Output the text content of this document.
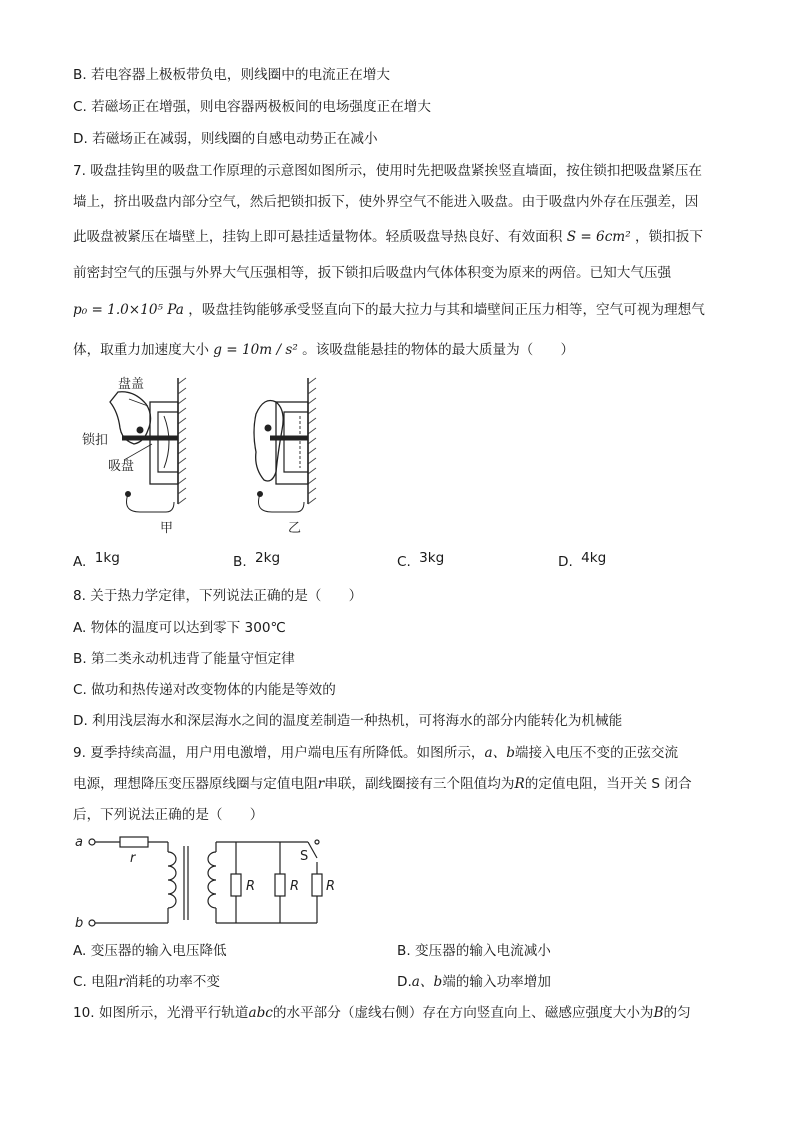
B. 若电容器上极板带负电，则线圈中的电流正在增大
C. 若磁场正在增强，则电容器两极板间的电场强度正在增大
D. 若磁场正在减弱，则线圈的自感电动势正在减小
7. 吸盘挂钩里的吸盘工作原理的示意图如图所示，使用时先把吸盘紧挨竖直墙面，按住锁扣把吸盘紧压在
墙上，挤出吸盘内部分空气，然后把锁扣扳下，使外界空气不能进入吸盘。由于吸盘内外存在压强差，因
此吸盘被紧压在墙壁上，挂钩上即可悬挂适量物体。轻质吸盘导热良好、有效面积 S = 6cm² ，锁扣扳下
前密封空气的压强与外界大气压强相等，扳下锁扣后吸盘内气体体积变为原来的两倍。已知大气压强
p₀ = 1.0×10⁵ Pa ，吸盘挂钩能够承受竖直向下的最大拉力与其和墙壁间正压力相等，空气可视为理想气
体，取重力加速度大小 g = 10m / s² 。该吸盘能悬挂的物体的最大质量为（　　）
盘盖
锁扣
吸盘
甲	乙
A. 1kg	B. 2kg	C. 3kg	D. 4kg
8. 关于热力学定律，下列说法正确的是（　　）
A. 物体的温度可以达到零下 300℃
B. 第二类永动机违背了能量守恒定律
C. 做功和热传递对改变物体的内能是等效的
D. 利用浅层海水和深层海水之间的温度差制造一种热机，可将海水的部分内能转化为机械能
9. 夏季持续高温，用户用电激增，用户端电压有所降低。如图所示，a、b端接入电压不变的正弦交流
电源，理想降压变压器原线圈与定值电阻r串联，副线圈接有三个阻值均为R的定值电阻，当开关 S 闭合
后，下列说法正确的是（　　）
a
b
r
R	R R
S
A. 变压器的输入电压降低	B. 变压器的输入电流减小
C. 电阻r消耗的功率不变	D.a、b端的输入功率增加
10. 如图所示，光滑平行轨道abc的水平部分（虚线右侧）存在方向竖直向上、磁感应强度大小为B的匀
